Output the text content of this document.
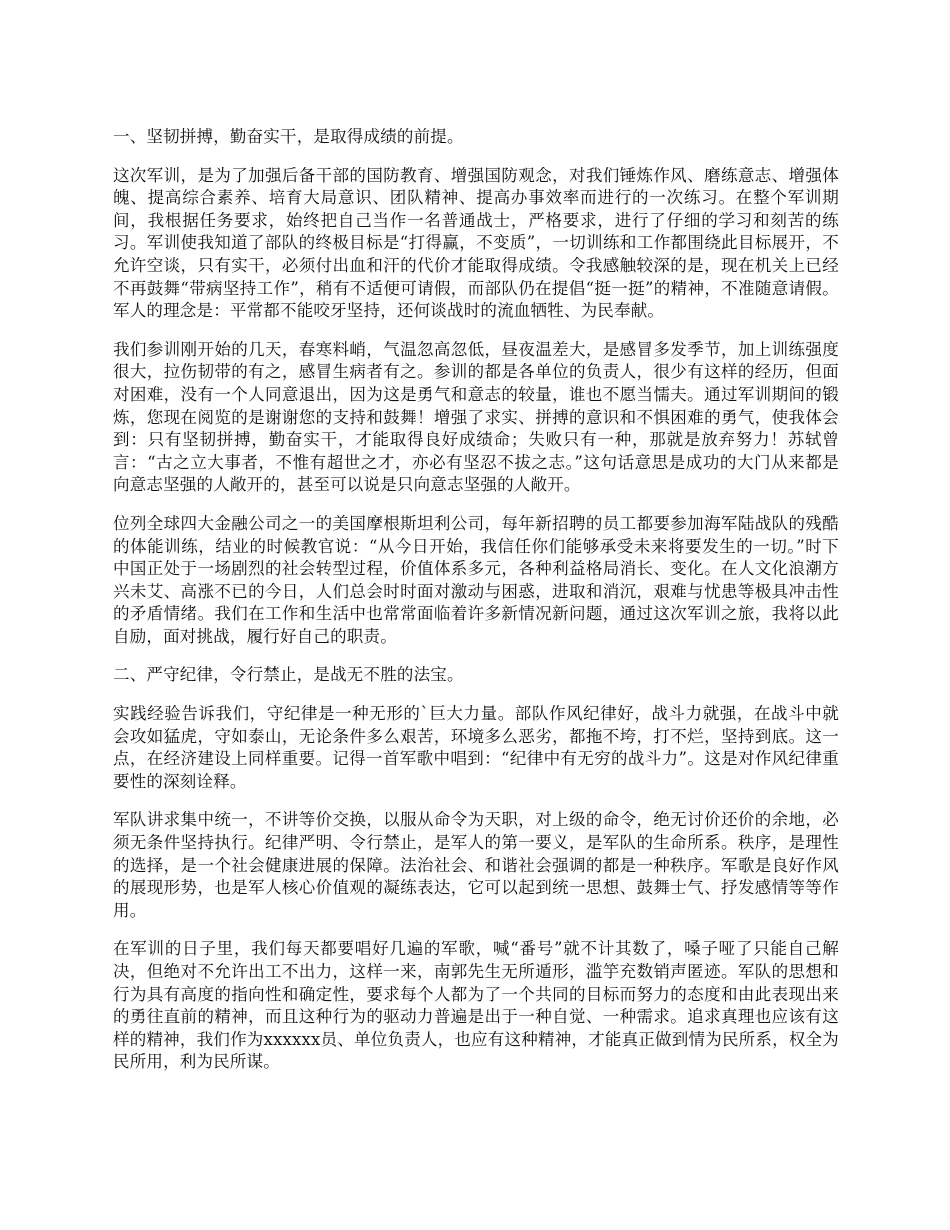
一、坚韧拼搏，勤奋实干，是取得成绩的前提。

这次军训，是为了加强后备干部的国防教育、增强国防观念，对我们锤炼作风、磨练意志、增强体魄、提高综合素养、培育大局意识、团队精神、提高办事效率而进行的一次练习。在整个军训期间，我根据任务要求，始终把自己当作一名普通战士，严格要求，进行了仔细的学习和刻苦的练习。军训使我知道了部队的终极目标是“打得赢，不变质”，一切训练和工作都围绕此目标展开，不允许空谈，只有实干，必须付出血和汗的代价才能取得成绩。令我感触较深的是，现在机关上已经不再鼓舞“带病坚持工作”，稍有不适便可请假，而部队仍在提倡“挺一挺”的精神，不准随意请假。军人的理念是：平常都不能咬牙坚持，还何谈战时的流血牺牲、为民奉献。

我们参训刚开始的几天，春寒料峭，气温忽高忽低，昼夜温差大，是感冒多发季节，加上训练强度很大，拉伤韧带的有之，感冒生病者有之。参训的都是各单位的负责人，很少有这样的经历，但面对困难，没有一个人同意退出，因为这是勇气和意志的较量，谁也不愿当懦夫。通过军训期间的锻炼，您现在阅览的是谢谢您的支持和鼓舞！增强了求实、拼搏的意识和不惧困难的勇气，使我体会到：只有坚韧拼搏，勤奋实干，才能取得良好成绩命；失败只有一种，那就是放弃努力！苏轼曾言：“古之立大事者，不惟有超世之才，亦必有坚忍不拔之志。”这句话意思是成功的大门从来都是向意志坚强的人敞开的，甚至可以说是只向意志坚强的人敞开。

位列全球四大金融公司之一的美国摩根斯坦利公司，每年新招聘的员工都要参加海军陆战队的残酷的体能训练，结业的时候教官说：“从今日开始，我信任你们能够承受未来将要发生的一切。”时下中国正处于一场剧烈的社会转型过程，价值体系多元，各种利益格局消长、变化。在人文化浪潮方兴未艾、高涨不已的今日，人们总会时时面对激动与困惑，进取和消沉，艰难与忧患等极具冲击性的矛盾情绪。我们在工作和生活中也常常面临着许多新情况新问题，通过这次军训之旅，我将以此自励，面对挑战，履行好自己的职责。

二、严守纪律，令行禁止，是战无不胜的法宝。

实践经验告诉我们，守纪律是一种无形的`巨大力量。部队作风纪律好，战斗力就强，在战斗中就会攻如猛虎，守如泰山，无论条件多么艰苦，环境多么恶劣，都拖不垮，打不烂，坚持到底。这一点，在经济建设上同样重要。记得一首军歌中唱到：“纪律中有无穷的战斗力”。这是对作风纪律重要性的深刻诠释。

军队讲求集中统一，不讲等价交换，以服从命令为天职，对上级的命令，绝无讨价还价的余地，必须无条件坚持执行。纪律严明、令行禁止，是军人的第一要义，是军队的生命所系。秩序，是理性的选择，是一个社会健康进展的保障。法治社会、和谐社会强调的都是一种秩序。军歌是良好作风的展现形势，也是军人核心价值观的凝练表达，它可以起到统一思想、鼓舞士气、抒发感情等等作用。

在军训的日子里，我们每天都要唱好几遍的军歌，喊“番号”就不计其数了，嗓子哑了只能自己解决，但绝对不允许出工不出力，这样一来，南郭先生无所遁形，滥竽充数销声匿迹。军队的思想和行为具有高度的指向性和确定性，要求每个人都为了一个共同的目标而努力的态度和由此表现出来的勇往直前的精神，而且这种行为的驱动力普遍是出于一种自觉、一种需求。追求真理也应该有这样的精神，我们作为xxxxxx员、单位负责人，也应有这种精神，才能真正做到情为民所系，权全为民所用，利为民所谋。
